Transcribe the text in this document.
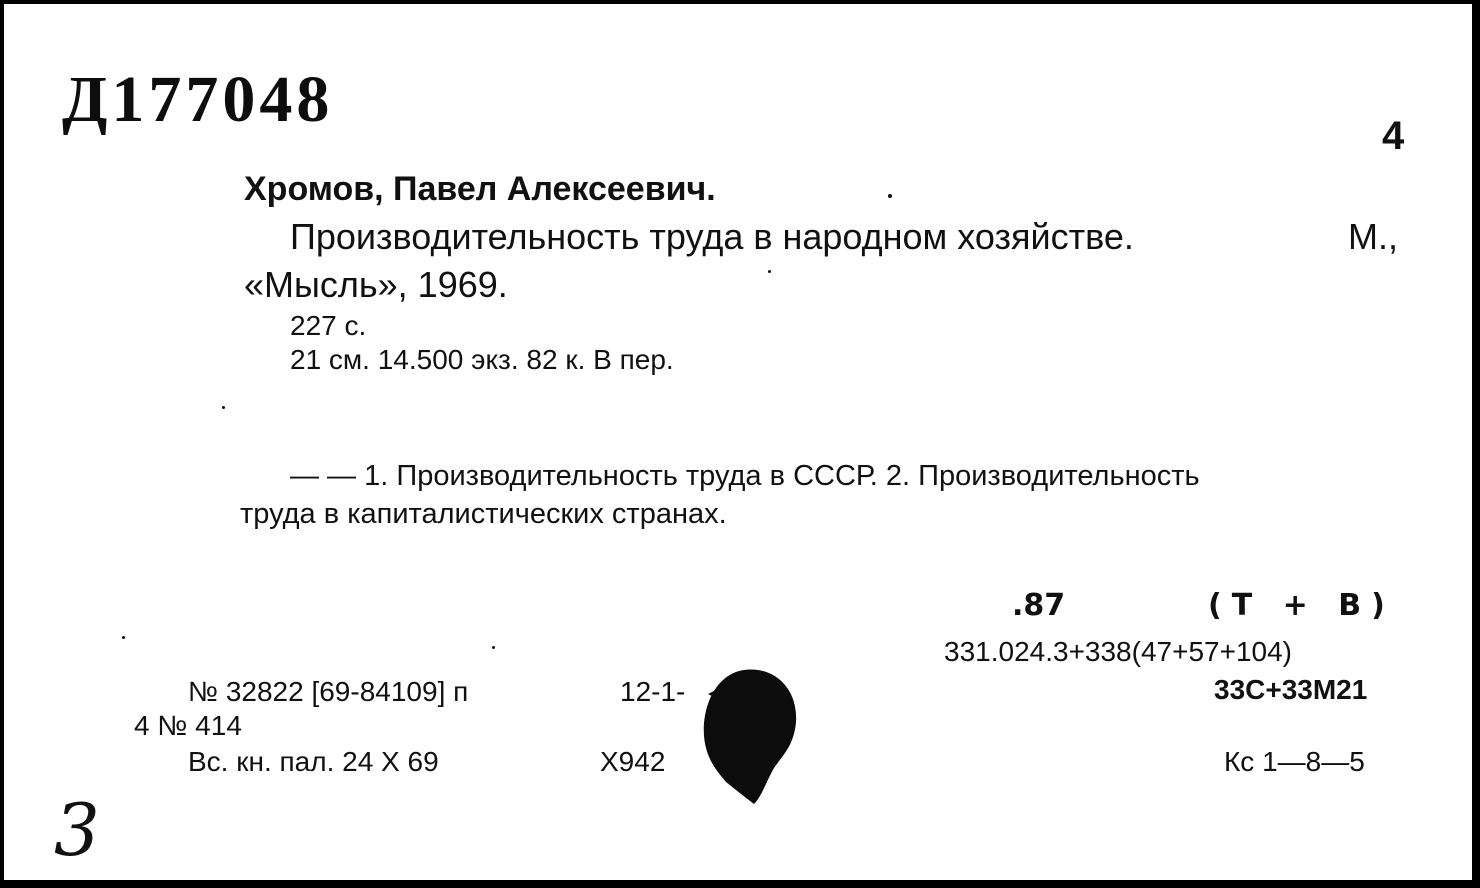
Д177048	4
Хромов, Павел Алексеевич.
Производительность труда в народном хозяйстве.	М.,
«Мысль», 1969.
227 с.
21 см. 14.500 экз. 82 к. В пер.
— — 1. Производительность труда в СССР. 2. Производительность
труда в капиталистических странах.
.87	(Т + В)
331.024.3+338(47+57+104)
33С+33М21
№ 32822 [69-84109] п	12-1-
4 № 414
Вс. кн. пал. 24 X 69	X942	Кс 1—8—5
3
